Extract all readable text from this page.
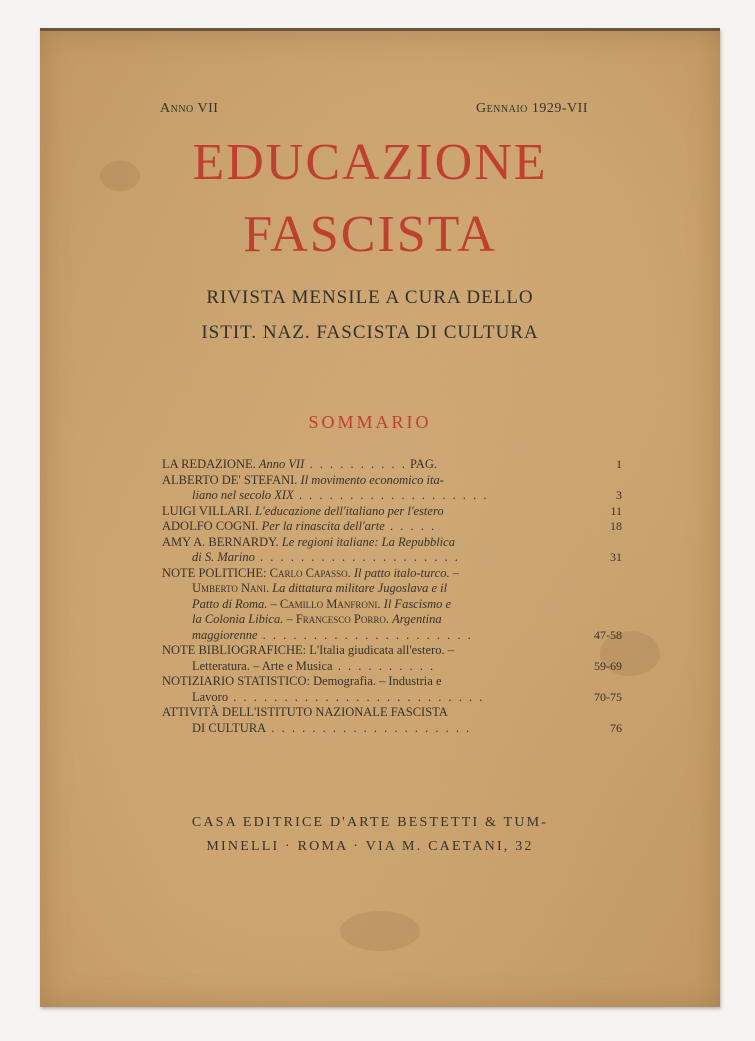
Anno VII	Gennaio 1929-VII
EDUCAZIONE
FASCISTA
RIVISTA MENSILE A CURA DELLO
ISTIT. NAZ. FASCISTA DI CULTURA
SOMMARIO
LA REDAZIONE. Anno VII . . . . . . . . . . PAG.	1
ALBERTO DE' STEFANI. Il movimento economico ita-
liano nel secolo XIX . . . . . . . . . . . . . . . . . . .	3
LUIGI VILLARI. L'educazione dell'italiano per l'estero	11
ADOLFO COGNI. Per la rinascita dell'arte . . . . .	18
AMY A. BERNARDY. Le regioni italiane: La Repubblica
di S. Marino . . . . . . . . . . . . . . . . . . . .	31
NOTE POLITICHE: Carlo Capasso. Il patto italo-turco. –
Umberto Nani. La dittatura militare Jugoslava e il
Patto di Roma. – Camillo Manfroni. Il Fascismo e
la Colonia Libica. – Francesco Porro. Argentina
maggiorenne . . . . . . . . . . . . . . . . . . . . .	47-58
NOTE BIBLIOGRAFICHE: L'Italia giudicata all'estero. –
Letteratura. – Arte e Musica . . . . . . . . . .	59-69
NOTIZIARIO STATISTICO: Demografia. – Industria e
Lavoro . . . . . . . . . . . . . . . . . . . . . . . . .	70-75
ATTIVITÀ DELL'ISTITUTO NAZIONALE FASCISTA
DI CULTURA . . . . . . . . . . . . . . . . . . . .	76
CASA EDITRICE D'ARTE BESTETTI & TUM-
MINELLI · ROMA · VIA M. CAETANI, 32
